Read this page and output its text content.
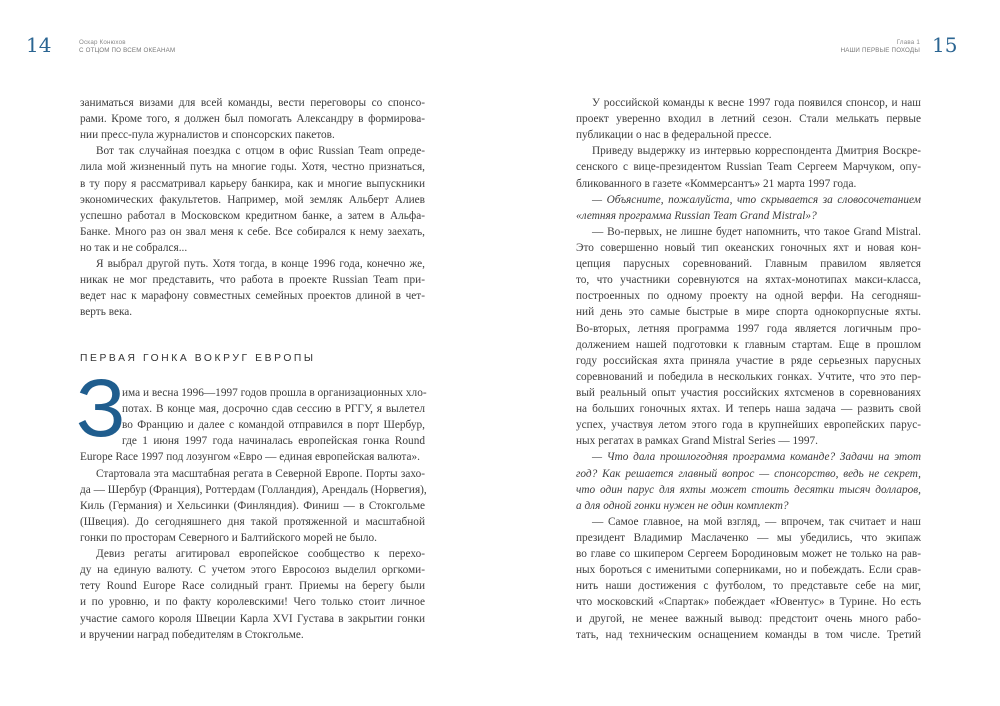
14	Оскар Конюхов
С ОТЦОМ ПО ВСЕМ ОКЕАНАМ
заниматься визами для всей команды, вести переговоры со спонсо-
рами. Кроме того, я должен был помогать Александру в формирова-
нии пресс-пула журналистов и спонсорских пакетов.
Вот так случайная поездка с отцом в офис Russian Team опреде-
лила мой жизненный путь на многие годы. Хотя, честно признаться,
в ту пору я рассматривал карьеру банкира, как и многие выпускники
экономических факультетов. Например, мой земляк Альберт Алиев
успешно работал в Московском кредитном банке, а затем в Альфа-
Банке. Много раз он звал меня к себе. Все собирался к нему заехать,
но так и не собрался...
Я выбрал другой путь. Хотя тогда, в конце 1996 года, конечно же,
никак не мог представить, что работа в проекте Russian Team при-
ведет нас к марафону совместных семейных проектов длиной в чет-
верть века.
ПЕРВАЯ ГОНКА ВОКРУГ ЕВРОПЫ
З
има и весна 1996—1997 годов прошла в организационных хло-
потах. В конце мая, досрочно сдав сессию в РГГУ, я вылетел
во Францию и далее с командой отправился в порт Шербур,
где 1 июня 1997 года начиналась европейская гонка Round
Europe Race 1997 под лозунгом «Евро — единая европейская валюта».
Стартовала эта масштабная регата в Северной Европе. Порты захо-
да — Шербур (Франция), Роттердам (Голландия), Арендаль (Норвегия),
Киль (Германия) и Хельсинки (Финляндия). Финиш — в Стокгольме
(Швеция). До сегодняшнего дня такой протяженной и масштабной
гонки по просторам Северного и Балтийского морей не было.
Девиз регаты агитировал европейское сообщество к перехо-
ду на единую валюту. С учетом этого Евросоюз выделил оргкоми-
тету Round Europe Race солидный грант. Приемы на берегу были
и по уровню, и по факту королевскими! Чего только стоит личное
участие самого короля Швеции Карла XVI Густава в закрытии гонки
и вручении наград победителям в Стокгольме.
Глава 1
НАШИ ПЕРВЫЕ ПОХОДЫ 15
У российской команды к весне 1997 года появился спонсор, и наш
проект уверенно входил в летний сезон. Стали мелькать первые
публикации о нас в федеральной прессе.
Приведу выдержку из интервью корреспондента Дмитрия Воскре-
сенского с вице-президентом Russian Team Сергеем Марчуком, опу-
бликованного в газете «Коммерсантъ» 21 марта 1997 года.
— Объясните, пожалуйста, что скрывается за словосочетанием
«летняя программа Russian Team Grand Mistral»?
— Во-первых, не лишне будет напомнить, что такое Grand Mistral.
Это совершенно новый тип океанских гоночных яхт и новая кон-
цепция парусных соревнований. Главным правилом является
то, что участники соревнуются на яхтах-монотипах макси-класса,
построенных по одному проекту на одной верфи. На сегодняш-
ний день это самые быстрые в мире спорта однокорпусные яхты.
Во-вторых, летняя программа 1997 года является логичным про-
должением нашей подготовки к главным стартам. Еще в прошлом
году российская яхта приняла участие в ряде серьезных парусных
соревнований и победила в нескольких гонках. Учтите, что это пер-
вый реальный опыт участия российских яхтсменов в соревнованиях
на больших гоночных яхтах. И теперь наша задача — развить свой
успех, участвуя летом этого года в крупнейших европейских парус-
ных регатах в рамках Grand Mistral Series — 1997.
— Что дала прошлогодняя программа команде? Задачи на этот
год? Как решается главный вопрос — спонсорство, ведь не секрет,
что один парус для яхты может стоить десятки тысяч долларов,
а для одной гонки нужен не один комплект?
— Самое главное, на мой взгляд, — впрочем, так считает и наш
президент Владимир Маслаченко — мы убедились, что экипаж
во главе со шкипером Сергеем Бородиновым может не только на рав-
ных бороться с именитыми соперниками, но и побеждать. Если срав-
нить наши достижения с футболом, то представьте себе на миг,
что московский «Спартак» побеждает «Ювентус» в Турине. Но есть
и другой, не менее важный вывод: предстоит очень много рабо-
тать, над техническим оснащением команды в том числе. Третий
